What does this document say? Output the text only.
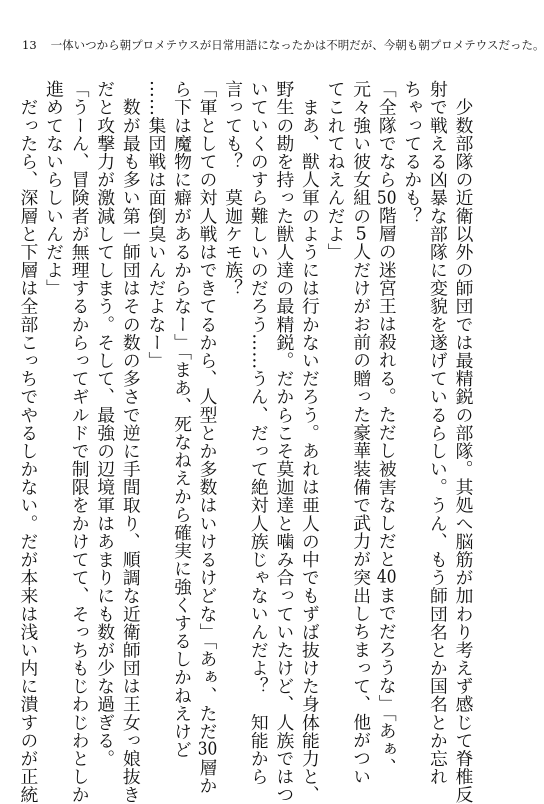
13 一体いつから朝プロメテウスが日常用語になったかは不明だが、今朝も朝プロメテウスだった。
　少数部隊の近衛以外の師団では最精鋭の部隊。其処へ脳筋が加わり考えず感じて脊椎反
射で戦える凶暴な部隊に変貌を遂げているらしい。うん、もう師団名とか国名とか忘れ
ちゃってるかも？
「全隊でなら50階層の迷宮王は殺れる。ただし被害なしだと40までだろうな」「あぁ、
元々強い彼女組の5人だけがお前の贈った豪華装備で武力が突出しちまって、他がつい
てこれてねえんだよ」
　まあ、獣人軍のようには行かないだろう。あれは亜人の中でもずば抜けた身体能力と、
野生の勘を持った獣人達の最精鋭。だからこそ莫迦達と噛み合っていたけど、人族ではつ
いていくのすら難しいのだろう……うん、だって絶対人族じゃないんだよ？　知能から
言っても？　莫迦ケモ族？
「軍としての対人戦はできてるから、人型とか多数はいけるけどな」「あぁ、ただ30層か
ら下は魔物に癖があるからなー」「まあ、死なねえから確実に強くするしかねえけど
……集団戦は面倒臭いんだよなー」
　数が最も多い第一師団はその数の多さで逆に手間取り、順調な近衛師団は王女っ娘抜き
だと攻撃力が激減してしまう。そして、最強の辺境軍はあまりにも数が少な過ぎる。
「うーん、冒険者が無理するからってギルドで制限をかけてて、そっちもじわじわとしか
進めてないらしいんだよ」
　だったら、深層と下層は全部こっちでやるしかない。だが本来は浅い内に潰すのが正統
